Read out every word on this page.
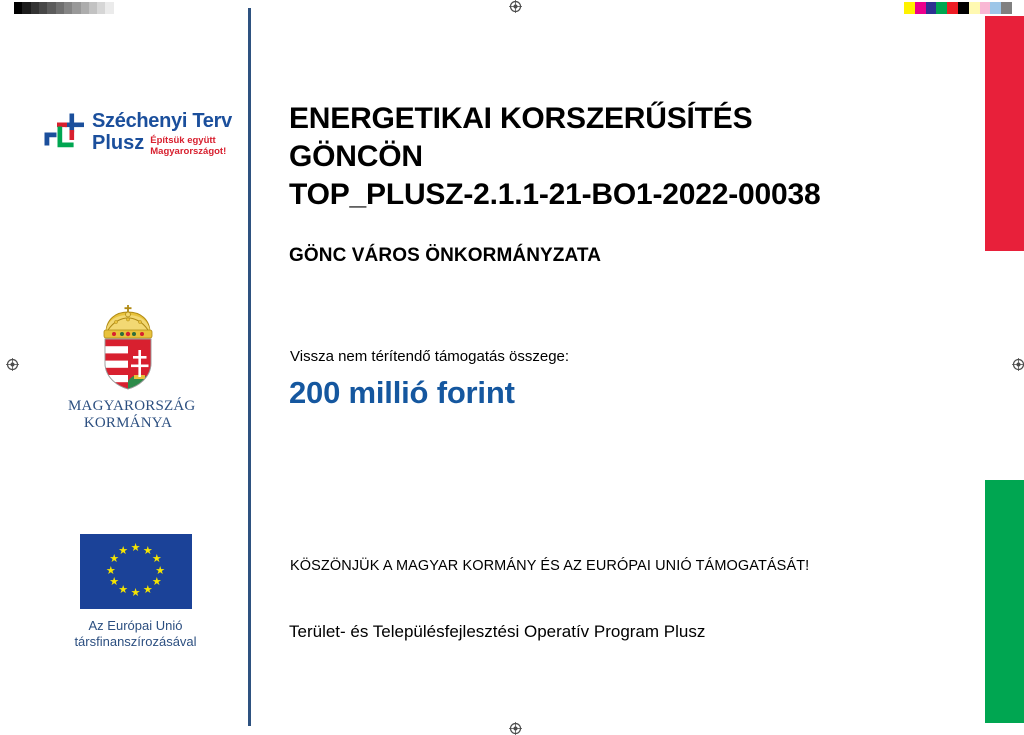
Széchenyi Terv
Plusz Építsük együtt
Magyarországot!
MAGYARORSZÁG
KORMÁNYA
★ ★
★
★
★
★
★
★
★
★
★
★
Az Európai Unió
társfinanszírozásával
ENERGETIKAI KORSZERŰSÍTÉS
GÖNCÖN
TOP_PLUSZ-2.1.1-21-BO1-2022-00038
GÖNC VÁROS ÖNKORMÁNYZATA
Vissza nem térítendő támogatás összege:
200 millió forint
KÖSZÖNJÜK A MAGYAR KORMÁNY ÉS AZ EURÓPAI UNIÓ TÁMOGATÁSÁT!
Terület- és Településfejlesztési Operatív Program Plusz
